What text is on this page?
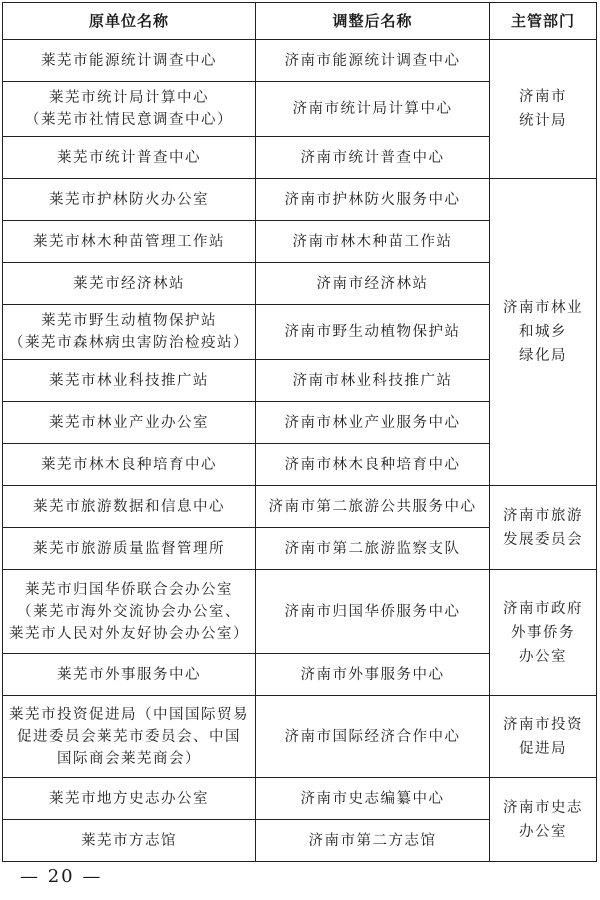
原单位名称	调整后名称	主管部门

莱芜市能源统计调查中心	济南市能源统计调查中心	济南市
统计局

莱芜市统计局计算中心
（莱芜市社情民意调查中心）	济南市统计局计算中心	

莱芜市统计普查中心	济南市统计普查中心	

莱芜市护林防火办公室	济南市护林防火服务中心	济南市林业
和城乡
绿化局

莱芜市林木种苗管理工作站	济南市林木种苗工作站	

莱芜市经济林站	济南市经济林站	

莱芜市野生动植物保护站
（莱芜市森林病虫害防治检疫站）	济南市野生动植物保护站	

莱芜市林业科技推广站	济南市林业科技推广站	

莱芜市林业产业办公室	济南市林业产业服务中心	

莱芜市林木良种培育中心	济南市林木良种培育中心	

莱芜市旅游数据和信息中心	济南市第二旅游公共服务中心	济南市旅游
发展委员会

莱芜市旅游质量监督管理所	济南市第二旅游监察支队	

莱芜市归国华侨联合会办公室
（莱芜市海外交流协会办公室、
莱芜市人民对外友好协会办公室）	济南市归国华侨服务中心	济南市政府
外事侨务
办公室

莱芜市外事服务中心	济南市外事服务中心	

莱芜市投资促进局（中国国际贸易
促进委员会莱芜市委员会、中国
国际商会莱芜商会）	济南市国际经济合作中心	济南市投资
促进局

莱芜市地方史志办公室	济南市史志编纂中心	济南市史志
办公室

莱芜市方志馆	济南市第二方志馆	
— 20 —
